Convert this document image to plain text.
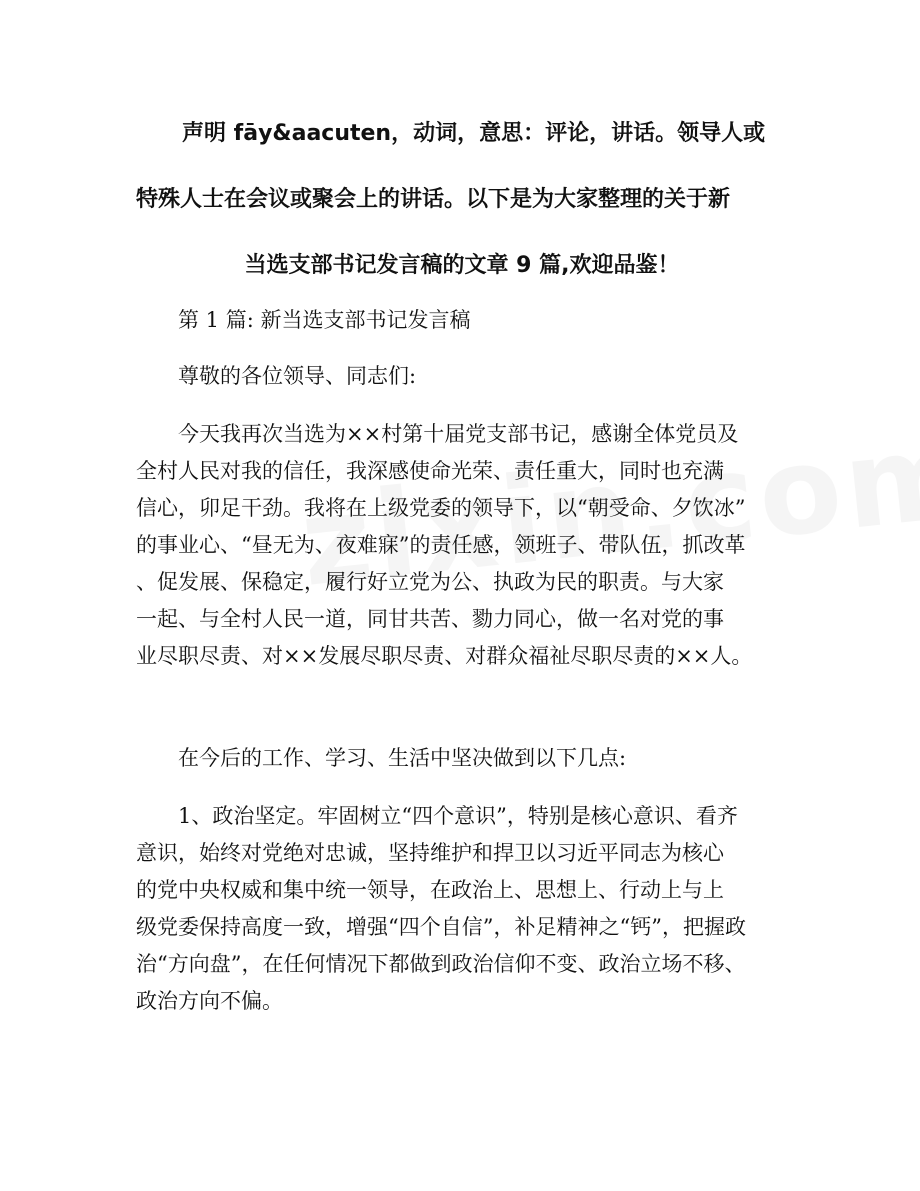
声明 fāy&aacuten，动词，意思：评论，讲话。领导人或
特殊人士在会议或聚会上的讲话。以下是为大家整理的关于新
当选支部书记发言稿的文章 9 篇,欢迎品鉴！
第 1 篇: 新当选支部书记发言稿
尊敬的各位领导、同志们:
今天我再次当选为××村第十届党支部书记，感谢全体党员及
全村人民对我的信任，我深感使命光荣、责任重大，同时也充满
信心，卯足干劲。我将在上级党委的领导下，以“朝受命、夕饮冰”
的事业心、“昼无为、夜难寐”的责任感，领班子、带队伍，抓改革
、促发展、保稳定，履行好立党为公、执政为民的职责。与大家
一起、与全村人民一道，同甘共苦、勠力同心，做一名对党的事
业尽职尽责、对××发展尽职尽责、对群众福祉尽职尽责的××人。
在今后的工作、学习、生活中坚决做到以下几点:
1、政治坚定。牢固树立“四个意识”，特别是核心意识、看齐
意识，始终对党绝对忠诚，坚持维护和捍卫以习近平同志为核心
的党中央权威和集中统一领导，在政治上、思想上、行动上与上
级党委保持高度一致，增强“四个自信”，补足精神之“钙”，把握政
治“方向盘”，在任何情况下都做到政治信仰不变、政治立场不移、
政治方向不偏。
